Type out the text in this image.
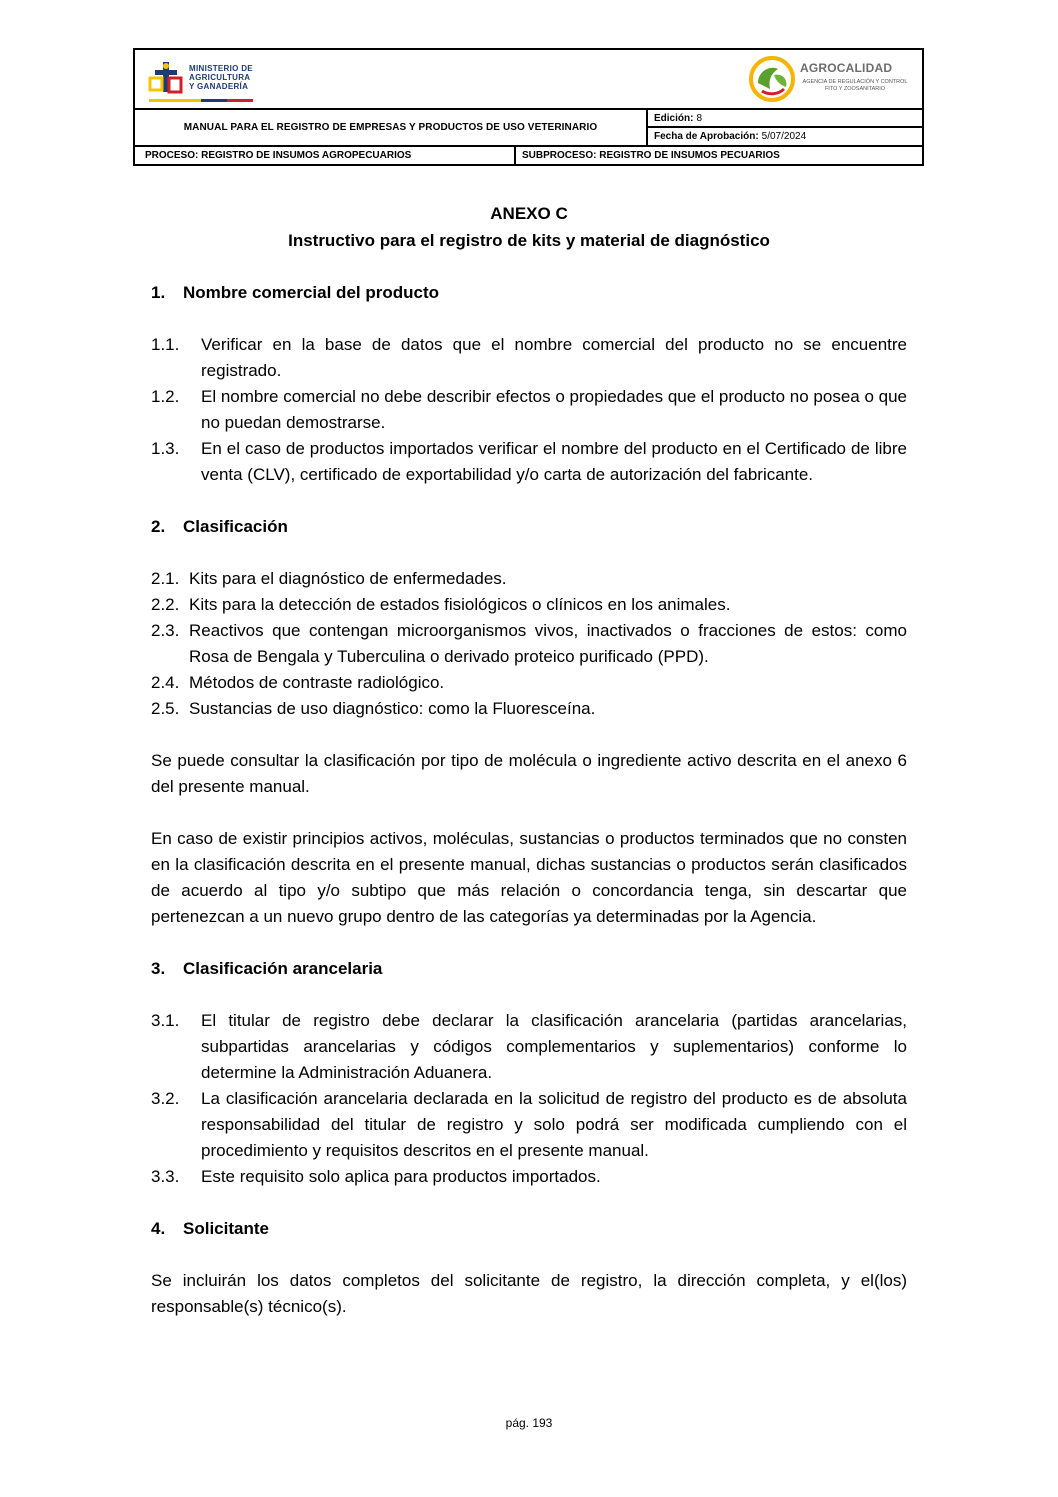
MINISTERIO DE AGRICULTURA Y GANADERÍA
AGROCALIDAD
AGENCIA DE REGULACIÓN Y CONTROL FITO Y ZOOSANITARIO
MANUAL PARA EL REGISTRO DE EMPRESAS Y PRODUCTOS DE USO VETERINARIO
Edición: 8
Fecha de Aprobación: 5/07/2024
PROCESO: REGISTRO DE INSUMOS AGROPECUARIOS	SUBPROCESO: REGISTRO DE INSUMOS PECUARIOS

ANEXO C

Instructivo para el registro de kits y material de diagnóstico

1.	Nombre comercial del producto

1.1.	Verificar en la base de datos que el nombre comercial del producto no se encuentre registrado.
1.2.	El nombre comercial no debe describir efectos o propiedades que el producto no posea o que no puedan demostrarse.
1.3.	En el caso de productos importados verificar el nombre del producto en el Certificado de libre venta (CLV), certificado de exportabilidad y/o carta de autorización del fabricante.

2.	Clasificación

2.1. Kits para el diagnóstico de enfermedades.
2.2. Kits para la detección de estados fisiológicos o clínicos en los animales.
2.3. Reactivos que contengan microorganismos vivos, inactivados o fracciones de estos: como Rosa de Bengala y Tuberculina o derivado proteico purificado (PPD).
2.4. Métodos de contraste radiológico.
2.5. Sustancias de uso diagnóstico: como la Fluoresceína.

Se puede consultar la clasificación por tipo de molécula o ingrediente activo descrita en el anexo 6 del presente manual.

En caso de existir principios activos, moléculas, sustancias o productos terminados que no consten en la clasificación descrita en el presente manual, dichas sustancias o productos serán clasificados de acuerdo al tipo y/o subtipo que más relación o concordancia tenga, sin descartar que pertenezcan a un nuevo grupo dentro de las categorías ya determinadas por la Agencia.

3.	Clasificación arancelaria

3.1.	El titular de registro debe declarar la clasificación arancelaria (partidas arancelarias, subpartidas arancelarias y códigos complementarios y suplementarios) conforme lo determine la Administración Aduanera.
3.2.	La clasificación arancelaria declarada en la solicitud de registro del producto es de absoluta responsabilidad del titular de registro y solo podrá ser modificada cumpliendo con el procedimiento y requisitos descritos en el presente manual.
3.3.	Este requisito solo aplica para productos importados.

4.	Solicitante

Se incluirán los datos completos del solicitante de registro, la dirección completa, y el(los) responsable(s) técnico(s).

pág. 193
